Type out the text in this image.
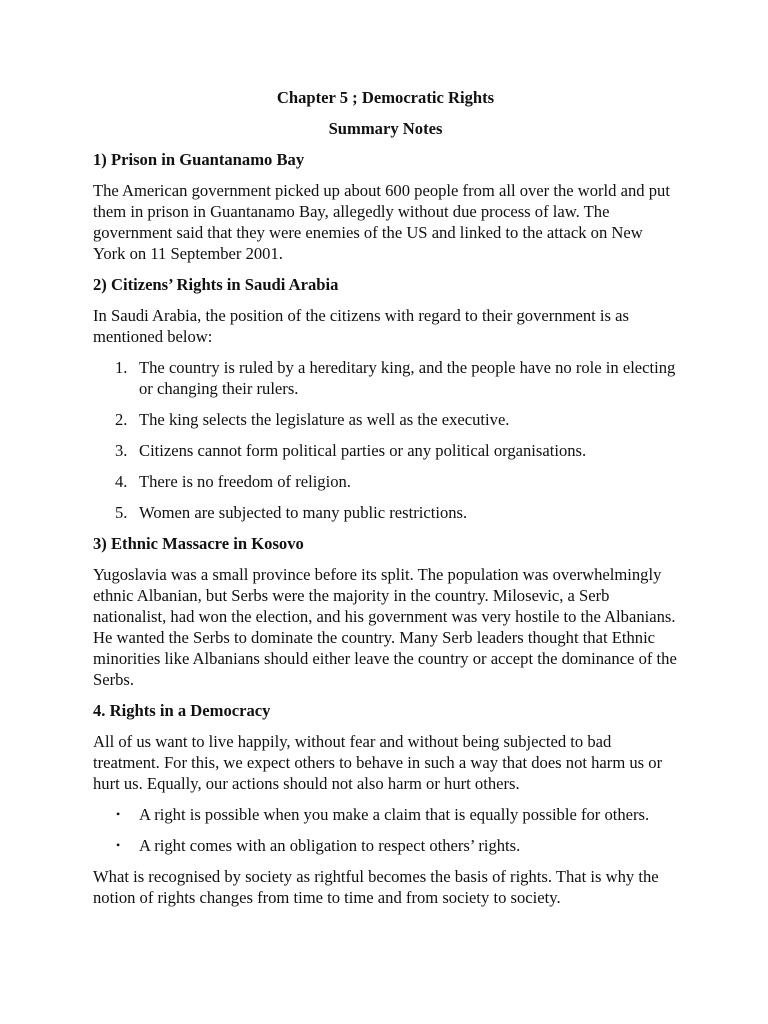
Chapter 5 ; Democratic Rights

Summary Notes

1) Prison in Guantanamo Bay

The American government picked up about 600 people from all over the world and put them in prison in Guantanamo Bay, allegedly without due process of law. The government said that they were enemies of the US and linked to the attack on New York on 11 September 2001.

2) Citizens’ Rights in Saudi Arabia

In Saudi Arabia, the position of the citizens with regard to their government is as mentioned below:

1. The country is ruled by a hereditary king, and the people have no role in electing or changing their rulers.
2. The king selects the legislature as well as the executive.
3. Citizens cannot form political parties or any political organisations.
4. There is no freedom of religion.
5. Women are subjected to many public restrictions.

3) Ethnic Massacre in Kosovo

Yugoslavia was a small province before its split. The population was overwhelmingly ethnic Albanian, but Serbs were the majority in the country. Milosevic, a Serb nationalist, had won the election, and his government was very hostile to the Albanians. He wanted the Serbs to dominate the country. Many Serb leaders thought that Ethnic minorities like Albanians should either leave the country or accept the dominance of the Serbs.

4. Rights in a Democracy

All of us want to live happily, without fear and without being subjected to bad treatment. For this, we expect others to behave in such a way that does not harm us or hurt us. Equally, our actions should not also harm or hurt others.

• A right is possible when you make a claim that is equally possible for others.
• A right comes with an obligation to respect others’ rights.

What is recognised by society as rightful becomes the basis of rights. That is why the notion of rights changes from time to time and from society to society.
